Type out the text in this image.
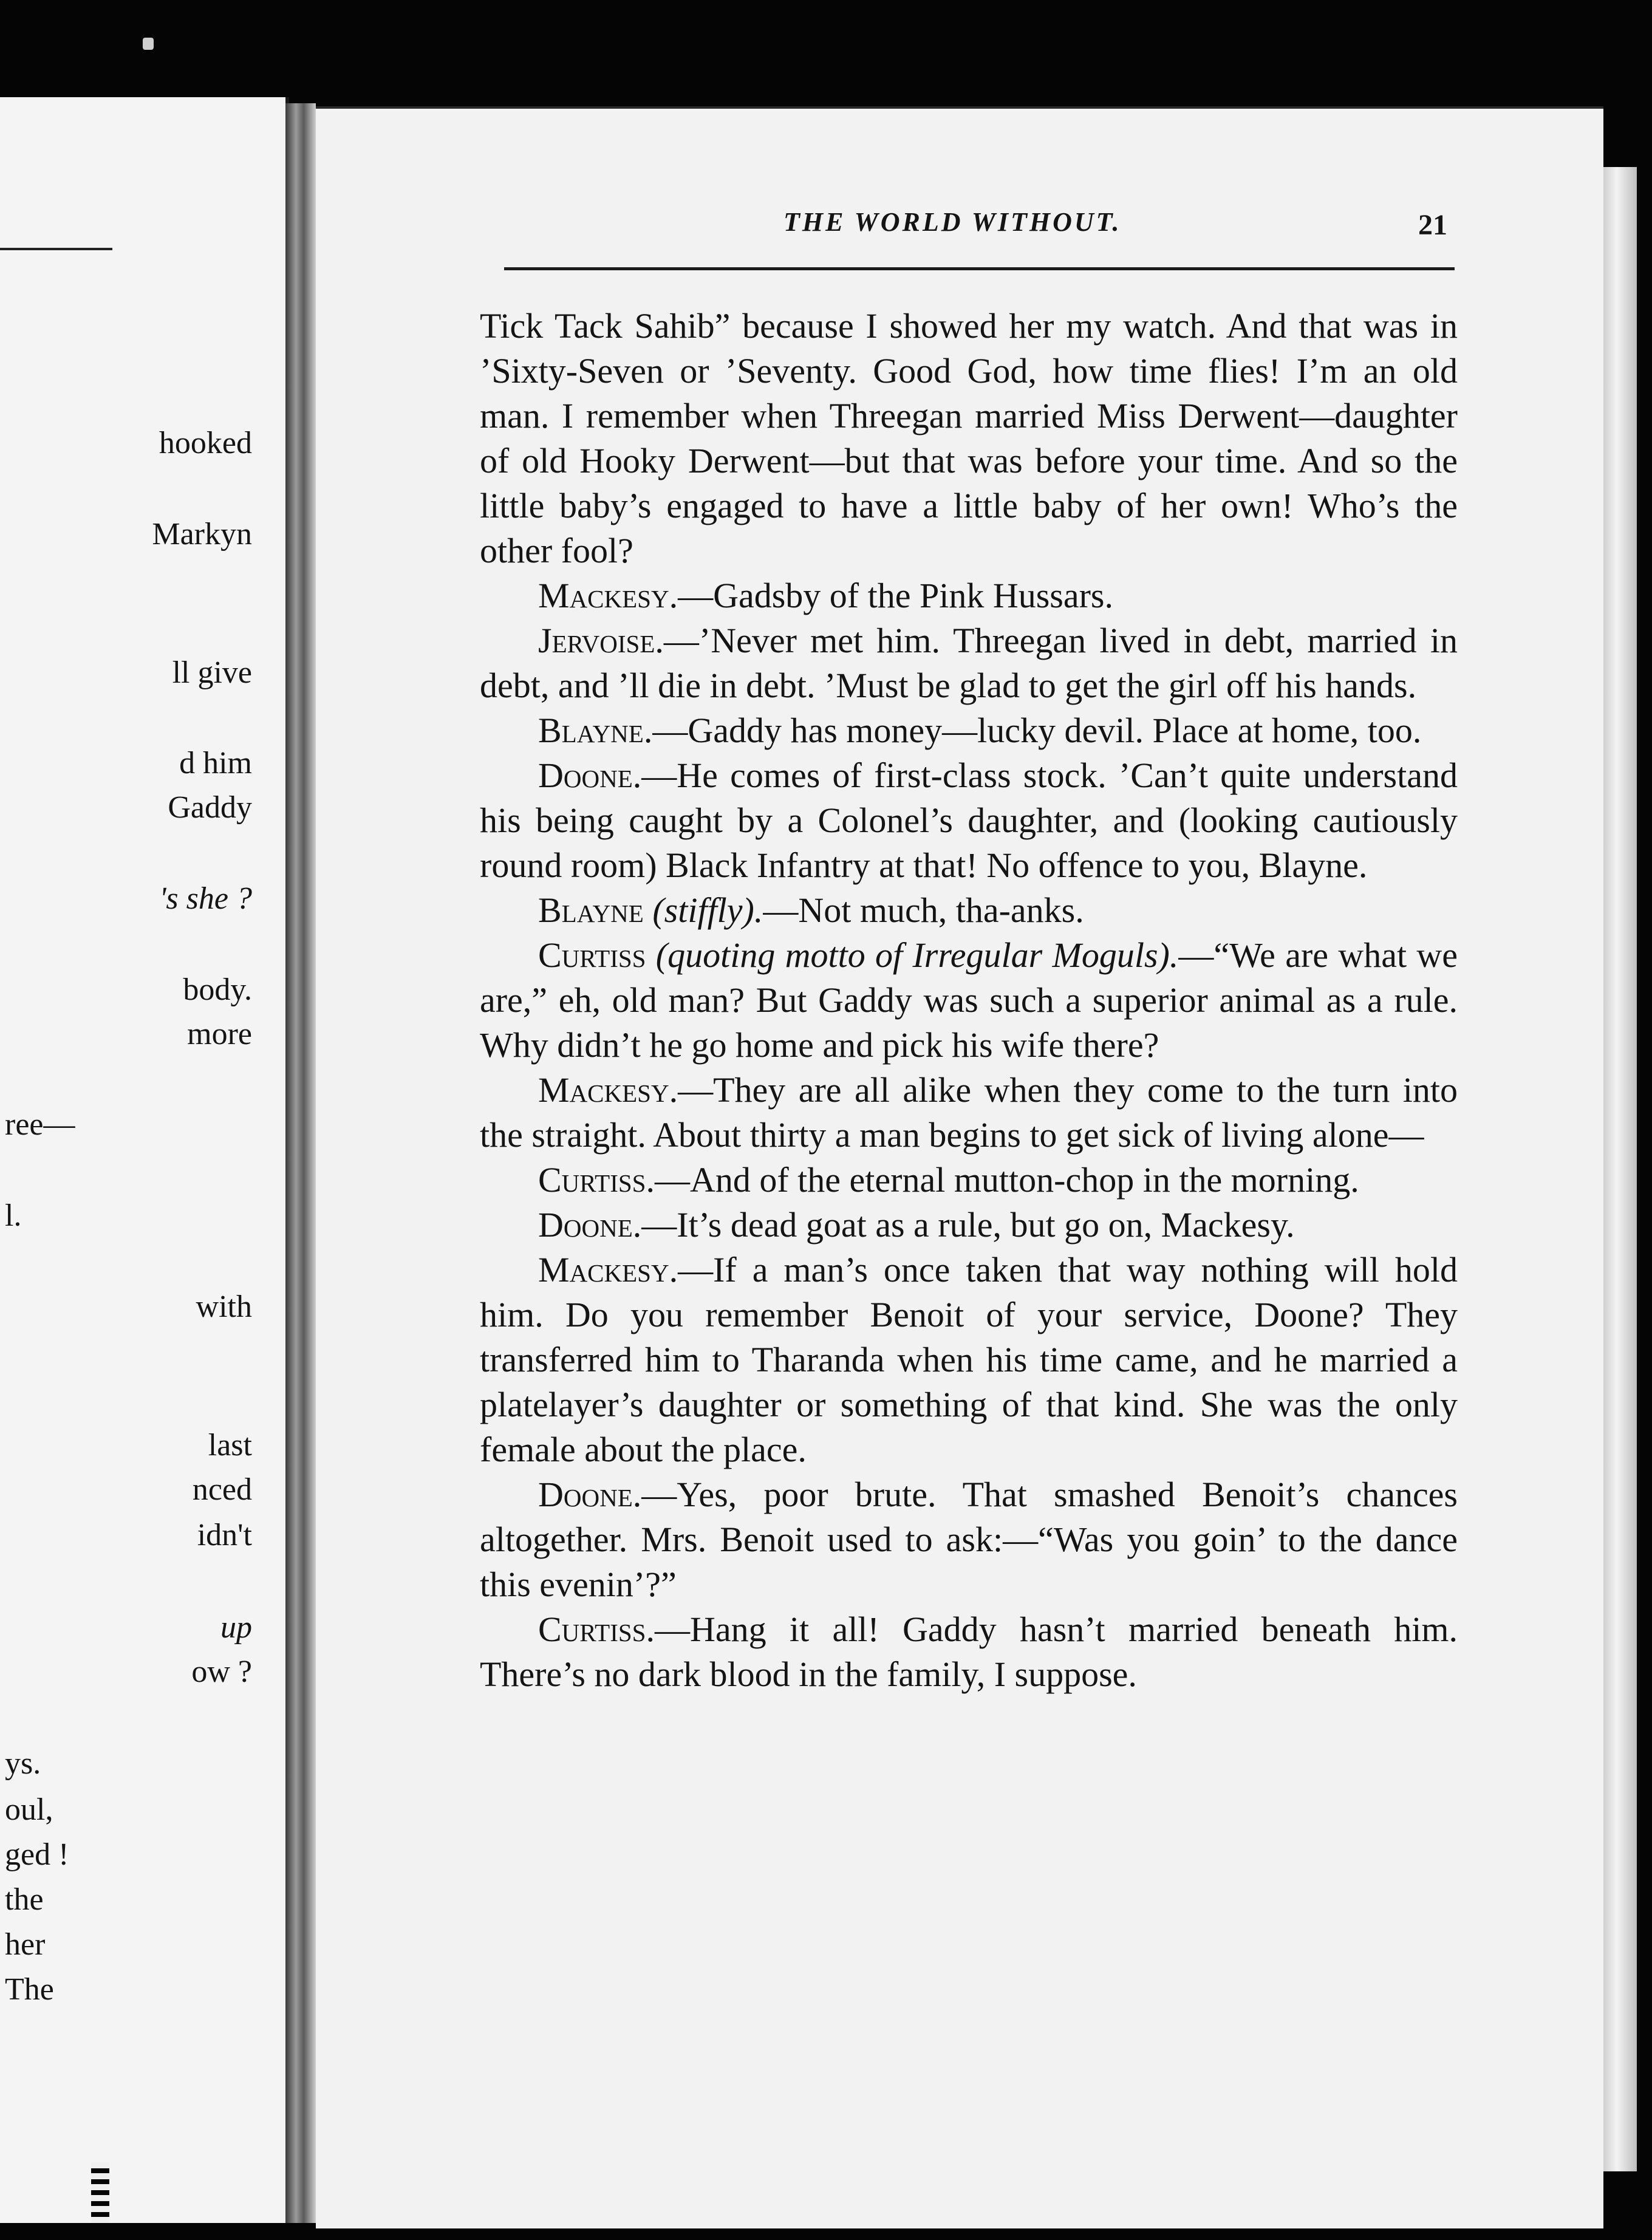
hooked
Markyn
ll give
d him
Gaddy
's she ?
body.
more
ree—
l.
with
last
nced
idn't
up
ow ?
ys.
oul,
ged !
the
her
The
THE WORLD WITHOUT.	21

Tick Tack Sahib” because I showed her my watch. And that was in ’Sixty-Seven or ’Seventy. Good God, how time flies! I’m an old man. I remember when Threegan married Miss Derwent—daughter of old Hooky Derwent—but that was before your time. And so the little baby’s engaged to have a little baby of her own! Who’s the other fool?

Mackesy.—Gadsby of the Pink Hussars.

Jervoise.—’Never met him. Threegan lived in debt, married in debt, and ’ll die in debt. ’Must be glad to get the girl off his hands.

Blayne.—Gaddy has money—lucky devil. Place at home, too.

Doone.—He comes of first-class stock. ’Can’t quite understand his being caught by a Colonel’s daughter, and (looking cautiously round room) Black Infantry at that! No offence to you, Blayne.

Blayne (stiffly).—Not much, tha-anks.

Curtiss (quoting motto of Irregular Moguls).—“We are what we are,” eh, old man? But Gaddy was such a superior animal as a rule. Why didn’t he go home and pick his wife there?

Mackesy.—They are all alike when they come to the turn into the straight. About thirty a man begins to get sick of living alone—

Curtiss.—And of the eternal mutton-chop in the morning.

Doone.—It’s dead goat as a rule, but go on, Mackesy.

Mackesy.—If a man’s once taken that way nothing will hold him. Do you remember Benoit of your service, Doone? They transferred him to Tharanda when his time came, and he married a platelayer’s daughter or something of that kind. She was the only female about the place.

Doone.—Yes, poor brute. That smashed Benoit’s chances altogether. Mrs. Benoit used to ask:—“Was you goin’ to the dance this evenin’?”

Curtiss.—Hang it all! Gaddy hasn’t married beneath him. There’s no dark blood in the family, I suppose.
